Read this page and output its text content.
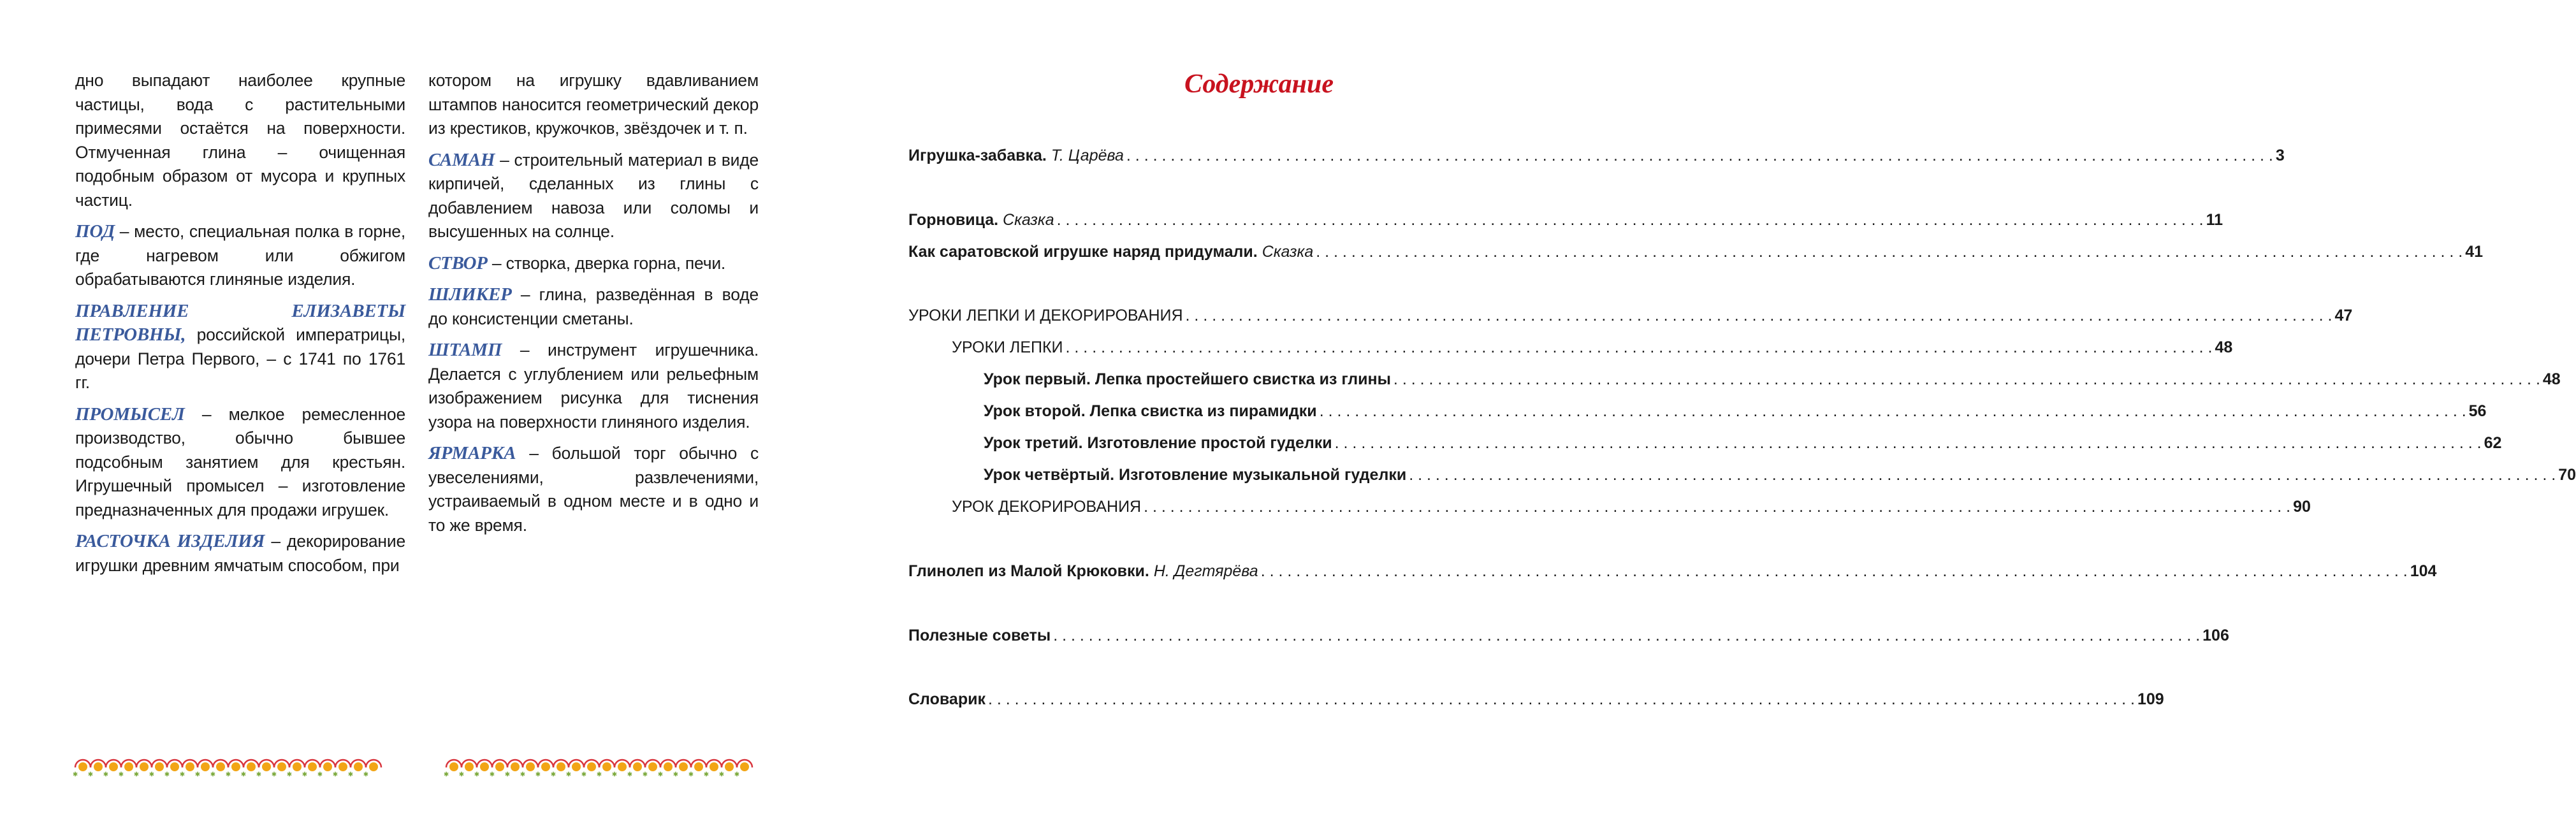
дно выпадают наиболее крупные частицы, вода с растительными примесями остаётся на поверхности. Отмученная глина – очищенная подобным образом от мусора и крупных частиц.

ПОД – место, специальная полка в горне, где нагревом или обжигом обрабатываются глиняные изделия.

ПРАВЛЕНИЕ ЕЛИЗАВЕТЫ ПЕТРОВНЫ, российской императрицы, дочери Петра Первого, – с 1741 по 1761 гг.

ПРОМЫСЕЛ – мелкое ремесленное производство, обычно бывшее подсобным занятием для крестьян. Игрушечный промысел – изготовление предназначенных для продажи игрушек.

РАСТОЧКА ИЗДЕЛИЯ – декорирование игрушки древним ямчатым способом, при

котором на игрушку вдавливанием штампов наносится геометрический декор из крестиков, кружочков, звёздочек и т. п.

САМАН – строительный материал в виде кирпичей, сделанных из глины с добавлением навоза или соломы и высушенных на солнце.

СТВОР – створка, дверка горна, печи.

ШЛИКЕР – глина, разведённая в воде до консистенции сметаны.

ШТАМП – инструмент игрушечника. Делается с углублением или рельефным изображением рисунка для тиснения узора на поверхности глиняного изделия.

ЯРМАРКА – большой торг обычно с увеселениями, развлечениями, устраиваемый в одном месте и в одно и то же время.

✱ ✱ ✱ ✱ ✱ ✱ ✱ ✱ ✱ ✱ ✱ ✱ ✱ ✱ ✱ ✱ ✱ ✱ ✱ ✱	✱ ✱ ✱ ✱ ✱ ✱ ✱ ✱ ✱ ✱ ✱ ✱ ✱ ✱ ✱ ✱ ✱ ✱ ✱ ✱
Содержание
Игрушка-забавка. Т. Царёва . . .	3
Горновица. Сказка . . .	11
Как саратовской игрушке наряд придумали. Сказка . . .	41
УРОКИ ЛЕПКИ И ДЕКОРИРОВАНИЯ . . .	47
УРОКИ ЛЕПКИ . . .	48
Урок первый. Лепка простейшего свистка из глины . . .	48
Урок второй. Лепка свистка из пирамидки . . .	56
Урок третий. Изготовление простой гуделки . . .	62
Урок четвёртый. Изготовление музыкальной гуделки . . .	70
УРОК ДЕКОРИРОВАНИЯ . . .	90
Глинолеп из Малой Крюковки. Н. Дегтярёва . . .	104
Полезные советы . . .	106
Словарик . . .	109
